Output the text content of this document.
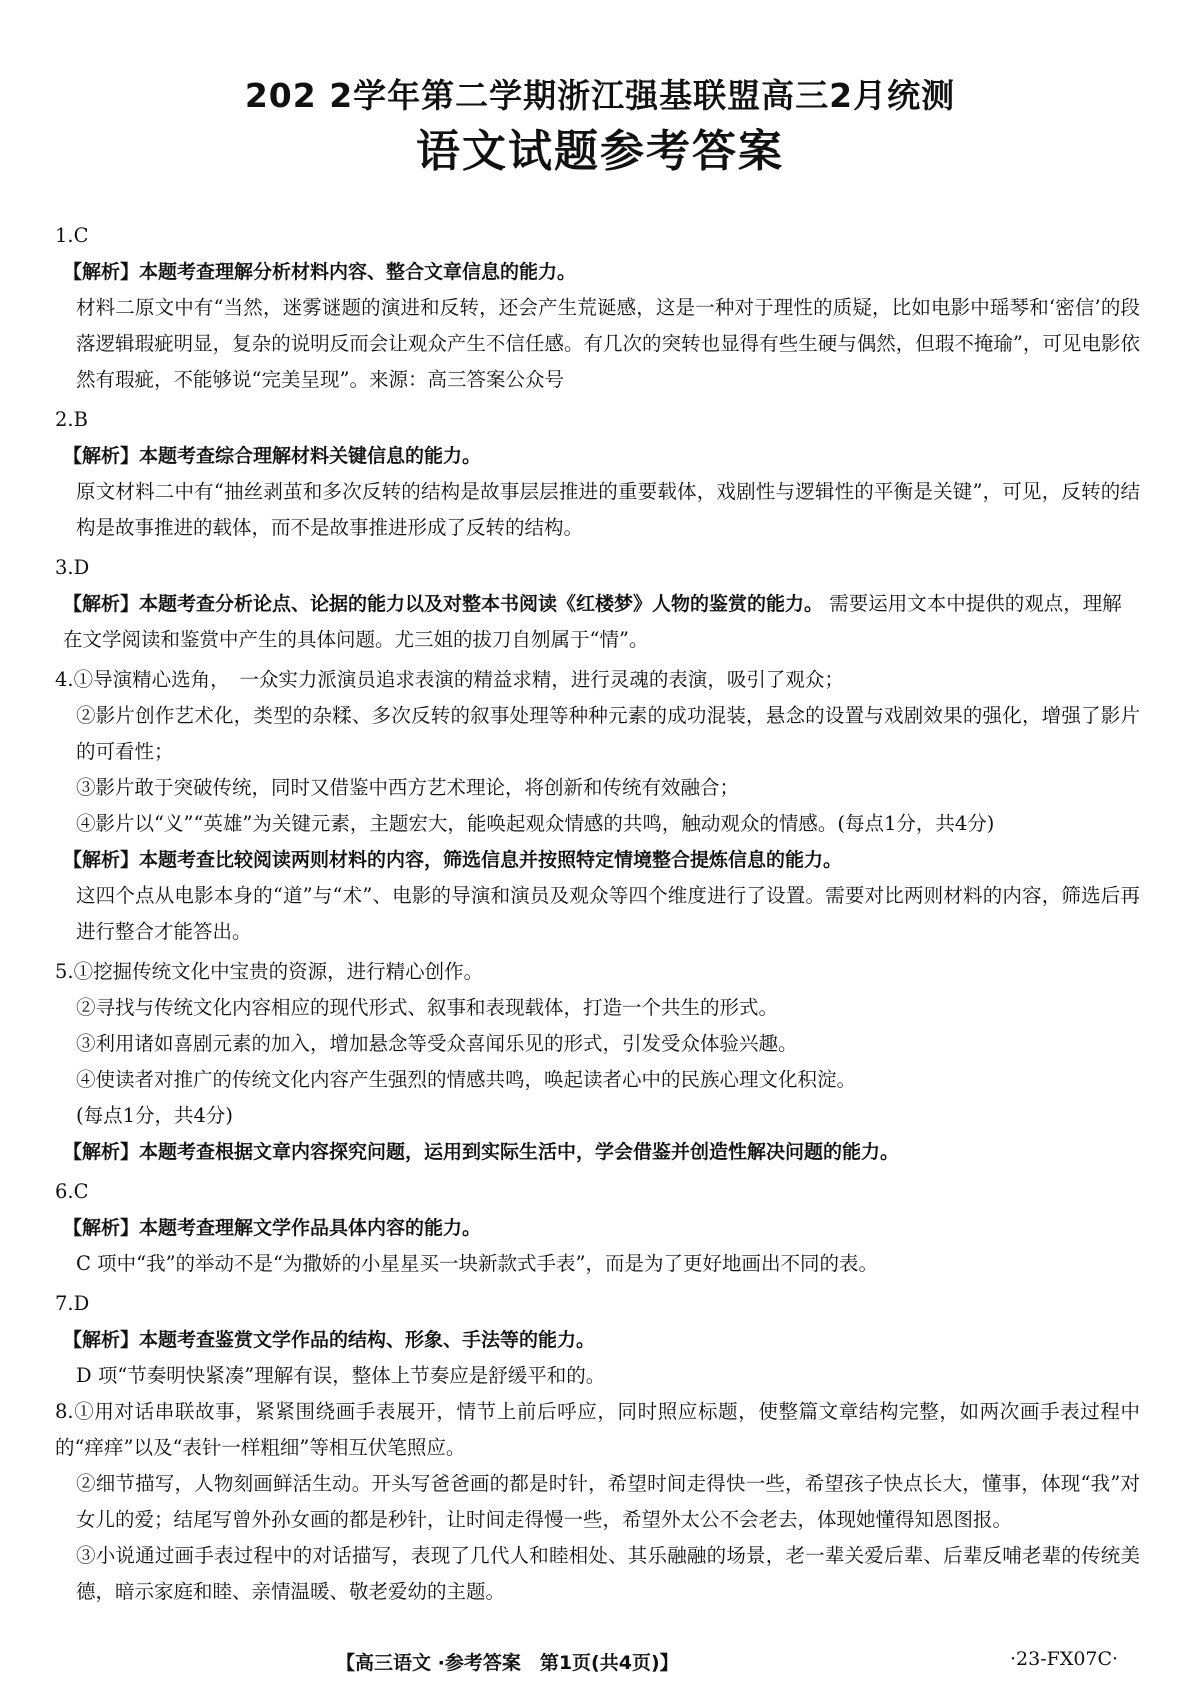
202 2学年第二学期浙江强基联盟高三2月统测
语文试题参考答案

1.C

【解析】本题考查理解分析材料内容、整合文章信息的能力。

材料二原文中有“当然，迷雾谜题的演进和反转，还会产生荒诞感，这是一种对于理性的质疑，比如电影中瑶琴和‘密信’的段落逻辑瑕疵明显，复杂的说明反而会让观众产生不信任感。有几次的突转也显得有些生硬与偶然，但瑕不掩瑜”，可见电影依然有瑕疵，不能够说“完美呈现”。来源：高三答案公众号

2.B

【解析】本题考查综合理解材料关键信息的能力。

原文材料二中有“抽丝剥茧和多次反转的结构是故事层层推进的重要载体，戏剧性与逻辑性的平衡是关键”，可见，反转的结构是故事推进的载体，而不是故事推进形成了反转的结构。

3.D

【解析】本题考查分析论点、论据的能力以及对整本书阅读《红楼梦》人物的鉴赏的能力。 需要运用文本中提供的观点，理解在文学阅读和鉴赏中产生的具体问题。尤三姐的拔刀自刎属于“情”。

4.①导演精心选角，　一众实力派演员追求表演的精益求精，进行灵魂的表演，吸引了观众；

②影片创作艺术化，类型的杂糅、多次反转的叙事处理等种种元素的成功混装，悬念的设置与戏剧效果的强化，增强了影片的可看性；

③影片敢于突破传统，同时又借鉴中西方艺术理论，将创新和传统有效融合；

④影片以“义”“英雄”为关键元素，主题宏大，能唤起观众情感的共鸣，触动观众的情感。(每点1分，共4分)

【解析】本题考查比较阅读两则材料的内容，筛选信息并按照特定情境整合提炼信息的能力。

这四个点从电影本身的“道”与“术”、电影的导演和演员及观众等四个维度进行了设置。需要对比两则材料的内容，筛选后再进行整合才能答出。

5.①挖掘传统文化中宝贵的资源，进行精心创作。

②寻找与传统文化内容相应的现代形式、叙事和表现载体，打造一个共生的形式。

③利用诸如喜剧元素的加入，增加悬念等受众喜闻乐见的形式，引发受众体验兴趣。

④使读者对推广的传统文化内容产生强烈的情感共鸣，唤起读者心中的民族心理文化积淀。

(每点1分，共4分)

【解析】本题考查根据文章内容探究问题，运用到实际生活中，学会借鉴并创造性解决问题的能力。

6.C

【解析】本题考查理解文学作品具体内容的能力。

C 项中“我”的举动不是“为撒娇的小星星买一块新款式手表”，而是为了更好地画出不同的表。

7.D

【解析】本题考查鉴赏文学作品的结构、形象、手法等的能力。

D 项“节奏明快紧凑”理解有误，整体上节奏应是舒缓平和的。

8.①用对话串联故事，紧紧围绕画手表展开，情节上前后呼应，同时照应标题，使整篇文章结构完整，如两次画手表过程中的“痒痒”以及“表针一样粗细”等相互伏笔照应。

②细节描写，人物刻画鲜活生动。开头写爸爸画的都是时针，希望时间走得快一些，希望孩子快点长大，懂事，体现“我”对女儿的爱；结尾写曾外孙女画的都是秒针，让时间走得慢一些，希望外太公不会老去，体现她懂得知恩图报。

③小说通过画手表过程中的对话描写，表现了几代人和睦相处、其乐融融的场景，老一辈关爱后辈、后辈反哺老辈的传统美德，暗示家庭和睦、亲情温暖、敬老爱幼的主题。

【高三语文 ·参考答案　第1页(共4页)】	·23-FX07C·
